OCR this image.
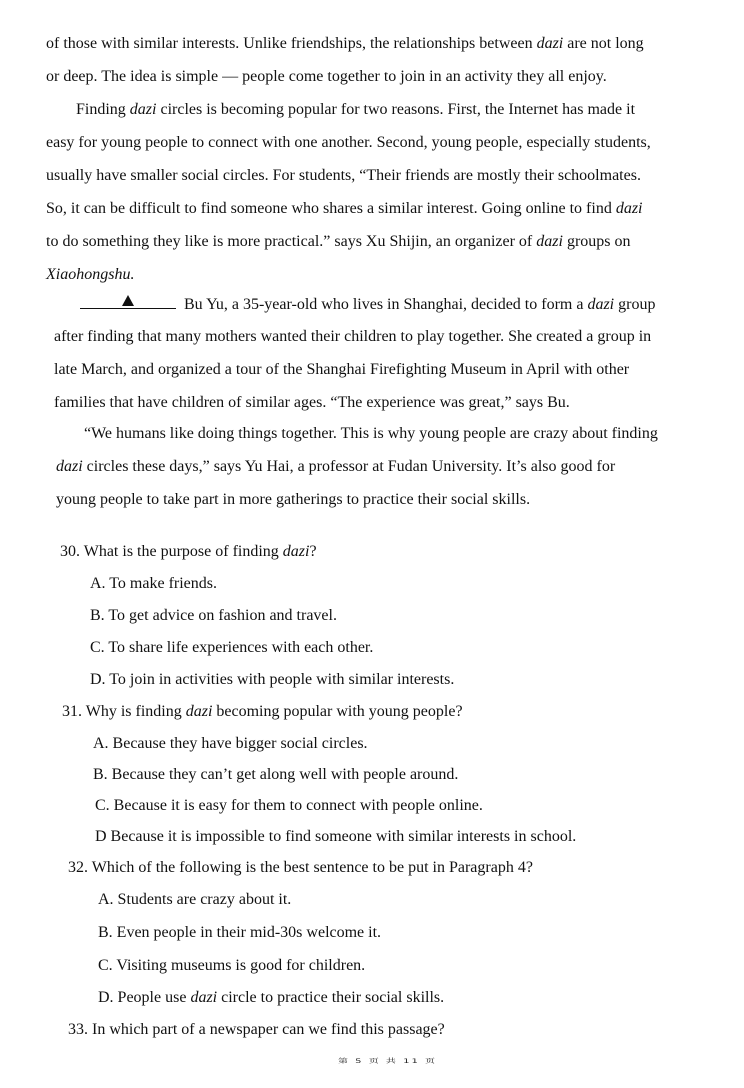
of those with similar interests. Unlike friendships, the relationships between dazi are not long
or deep. The idea is simple — people come together to join in an activity they all enjoy.
Finding dazi circles is becoming popular for two reasons. First, the Internet has made it
easy for young people to connect with one another. Second, young people, especially students,
usually have smaller social circles. For students, “Their friends are mostly their schoolmates.
So, it can be difficult to find someone who shares a similar interest. Going online to find dazi
to do something they like is more practical.” says Xu Shijin, an organizer of dazi groups on
Xiaohongshu.
Bu Yu, a 35-year-old who lives in Shanghai, decided to form a dazi group
after finding that many mothers wanted their children to play together. She created a group in
late March, and organized a tour of the Shanghai Firefighting Museum in April with other
families that have children of similar ages. “The experience was great,” says Bu.
“We humans like doing things together. This is why young people are crazy about finding
dazi circles these days,” says Yu Hai, a professor at Fudan University. It’s also good for
young people to take part in more gatherings to practice their social skills.
30. What is the purpose of finding dazi?
A. To make friends.
B. To get advice on fashion and travel.
C. To share life experiences with each other.
D. To join in activities with people with similar interests.
31. Why is finding dazi becoming popular with young people?
A. Because they have bigger social circles.
B. Because they can’t get along well with people around.
C. Because it is easy for them to connect with people online.
D Because it is impossible to find someone with similar interests in school.
32. Which of the following is the best sentence to be put in Paragraph 4?
A. Students are crazy about it.
B. Even people in their mid-30s welcome it.
C. Visiting museums is good for children.
D. People use dazi circle to practice their social skills.
33. In which part of a newspaper can we find this passage?
第 5 页 共 11 页
